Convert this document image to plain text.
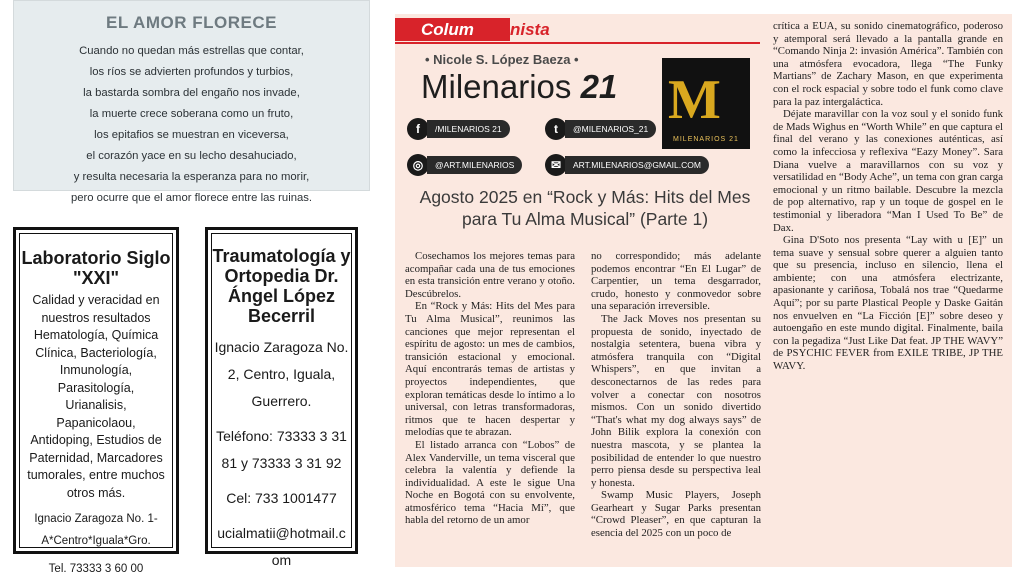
EL AMOR FLORECE
Cuando no quedan más estrellas que contar,
los ríos se advierten profundos y turbios,
la bastarda sombra del engaño nos invade,
la muerte crece soberana como un fruto,
los epitafios se muestran en viceversa,
el corazón yace en su lecho desahuciado,
y resulta necesaria la esperanza para no morir,
pero ocurre que el amor florece entre las ruinas.
Laboratorio Siglo "XXI"
Calidad y veracidad en nuestros resultados Hematología, Química Clínica, Bacteriología, Inmunología, Parasitología, Urianalisis, Papanicolaou, Antidoping, Estudios de Paternidad, Marcadores tumorales, entre muchos otros más.
Ignacio Zaragoza No. 1-A*Centro*Iguala*Gro.
Tel. 73333 3 60 00
Traumatología y Ortopedia Dr. Ángel López Becerril
Ignacio Zaragoza No. 2, Centro, Iguala, Guerrero.
Teléfono: 73333 3 31 81 y 73333 3 31 92
Cel: 733 1001477
ucialmatii@hotmail.com
Colum	nista
• Nicole S. López Baeza •
Milenarios 21 M
MILENARIOS 21
f	/MILENARIOS 21	t	@MILENARIOS_21
◎	@ART.MILENARIOS	✉	ART.MILENARIOS@GMAIL.COM
Agosto 2025 en “Rock y Más: Hits del Mes para Tu Alma Musical” (Parte 1)

Cosechamos los mejores temas para acompañar cada una de tus emociones en esta transición entre verano y otoño. Descúbrelos.

En “Rock y Más: Hits del Mes para Tu Alma Musical”, reunimos las canciones que mejor representan el espíritu de agosto: un mes de cambios, transición estacional y emocional. Aquí encontrarás temas de artistas y proyectos independientes, que exploran temáticas desde lo íntimo a lo universal, con letras transformadoras, ritmos que te hacen despertar y melodías que te abrazan.

El listado arranca con “Lobos” de Alex Vanderville, un tema visceral que celebra la valentía y defiende la individualidad. A este le sigue Una Noche en Bogotá con su envolvente, atmosférico tema “Hacia Mí”, que habla del retorno de un amor

no correspondido; más adelante podemos encontrar “En El Lugar” de Carpentier, un tema desgarrador, crudo, honesto y conmovedor sobre una separación irreversible.

The Jack Moves nos presentan su propuesta de sonido, inyectado de nostalgia setentera, buena vibra y atmósfera tranquila con “Digital Whispers”, en que invitan a desconectarnos de las redes para volver a conectar con nosotros mismos. Con un sonido divertido “That's what my dog always says” de John Bilik explora la conexión con nuestra mascota, y se plantea la posibilidad de entender lo que nuestro perro piensa desde su perspectiva leal y honesta.

Swamp Music Players, Joseph Gearheart y Sugar Parks presentan “Crowd Pleaser”, en que capturan la esencia del 2025 con un poco de

crítica a EUA, su sonido cinematográfico, poderoso y atemporal será llevado a la pantalla grande en “Comando Ninja 2: invasión América”. También con una atmósfera evocadora, llega “The Funky Martians” de Zachary Mason, en que experimenta con el rock espacial y sobre todo el funk como clave para la paz intergaláctica.

Déjate maravillar con la voz soul y el sonido funk de Mads Wighus en “Worth While” en que captura el final del verano y las conexiones auténticas, así como la infecciosa y reflexiva “Eazy Money”. Sara Diana vuelve a maravillarnos con su voz y versatilidad en “Body Ache”, un tema con gran carga emocional y un ritmo bailable. Descubre la mezcla de pop alternativo, rap y un toque de gospel en le testimonial y liberadora “Man I Used To Be” de Dax.

Gina D'Soto nos presenta “Lay with u [E]” un tema suave y sensual sobre querer a alguien tanto que su presencia, incluso en silencio, llena el ambiente; con una atmósfera electrizante, apasionante y cariñosa, Tobalá nos trae “Quedarme Aquí”; por su parte Plastical People y Daske Gaitán nos envuelven en “La Ficción [E]” sobre deseo y autoengaño en este mundo digital. Finalmente, baila con la pegadiza “Just Like Dat feat. JP THE WAVY” de PSYCHIC FEVER from EXILE TRIBE, JP THE WAVY.
